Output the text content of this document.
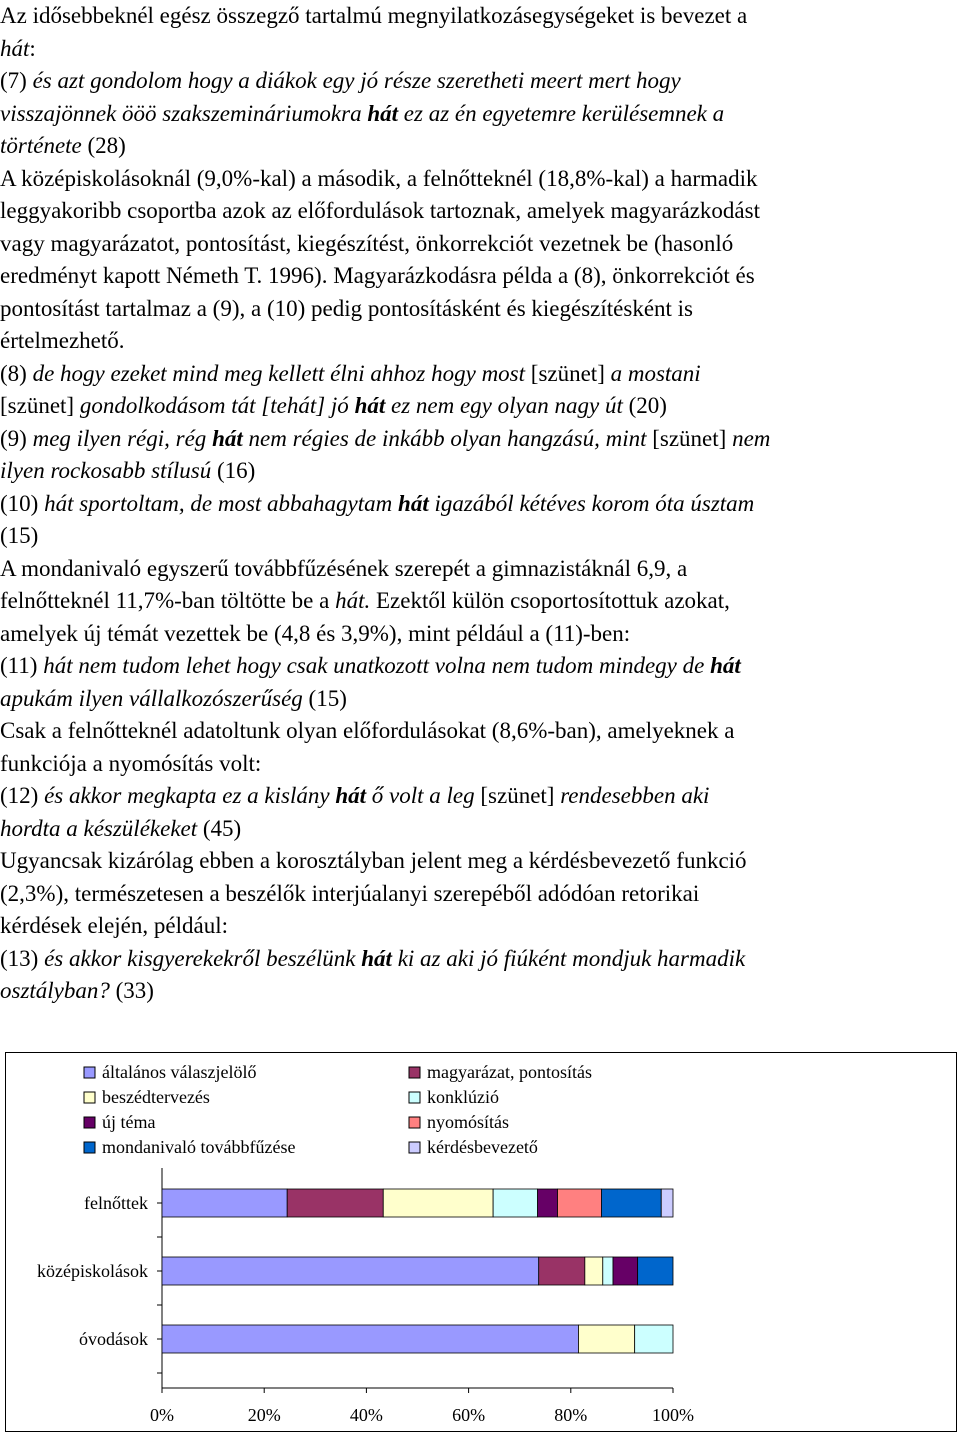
Az idősebbeknél egész összegző tartalmú megnyilatkozásegységeket is bevezet a
hát:
(7) és azt gondolom hogy a diákok egy jó része szeretheti meert mert hogy
visszajönnek ööö szakszemináriumokra hát ez az én egyetemre kerülésemnek a
története (28)
A középiskolásoknál (9,0%-kal) a második, a felnőtteknél (18,8%-kal) a harmadik
leggyakoribb csoportba azok az előfordulások tartoznak, amelyek magyarázkodást
vagy magyarázatot, pontosítást, kiegészítést, önkorrekciót vezetnek be (hasonló
eredményt kapott Németh T. 1996). Magyarázkodásra példa a (8), önkorrekciót és
pontosítást tartalmaz a (9), a (10) pedig pontosításként és kiegészítésként is
értelmezhető.
(8) de hogy ezeket mind meg kellett élni ahhoz hogy most [szünet] a mostani
[szünet] gondolkodásom tát [tehát] jó hát ez nem egy olyan nagy út (20)
(9) meg ilyen régi, rég hát nem régies de inkább olyan hangzású, mint [szünet] nem
ilyen rockosabb stílusú (16)
(10) hát sportoltam, de most abbahagytam hát igazából kétéves korom óta úsztam
(15)
A mondanivaló egyszerű továbbfűzésének szerepét a gimnazistáknál 6,9, a
felnőtteknél 11,7%-ban töltötte be a hát. Ezektől külön csoportosítottuk azokat,
amelyek új témát vezettek be (4,8 és 3,9%), mint például a (11)-ben:
(11) hát nem tudom lehet hogy csak unatkozott volna nem tudom mindegy de hát
apukám ilyen vállalkozószerűség (15)
Csak a felnőtteknél adatoltunk olyan előfordulásokat (8,6%-ban), amelyeknek a
funkciója a nyomósítás volt:
(12) és akkor megkapta ez a kislány hát ő volt a leg [szünet] rendesebben aki
hordta a készülékeket (45)
Ugyancsak kizárólag ebben a korosztályban jelent meg a kérdésbevezető funkció
(2,3%), természetesen a beszélők interjúalanyi szerepéből adódóan retorikai
kérdések elején, például:
(13) és akkor kisgyerekekről beszélünk hát ki az aki jó fiúként mondjuk harmadik
osztályban? (33)
általános válaszjelölő	magyarázat, pontosítás
beszédtervezés	konklúzió
új téma	nyomósítás
mondanivaló továbbfűzése	kérdésbevezető
felnőttek
középiskolások
óvodások
0%	20%	40%	60%	80%	100%
